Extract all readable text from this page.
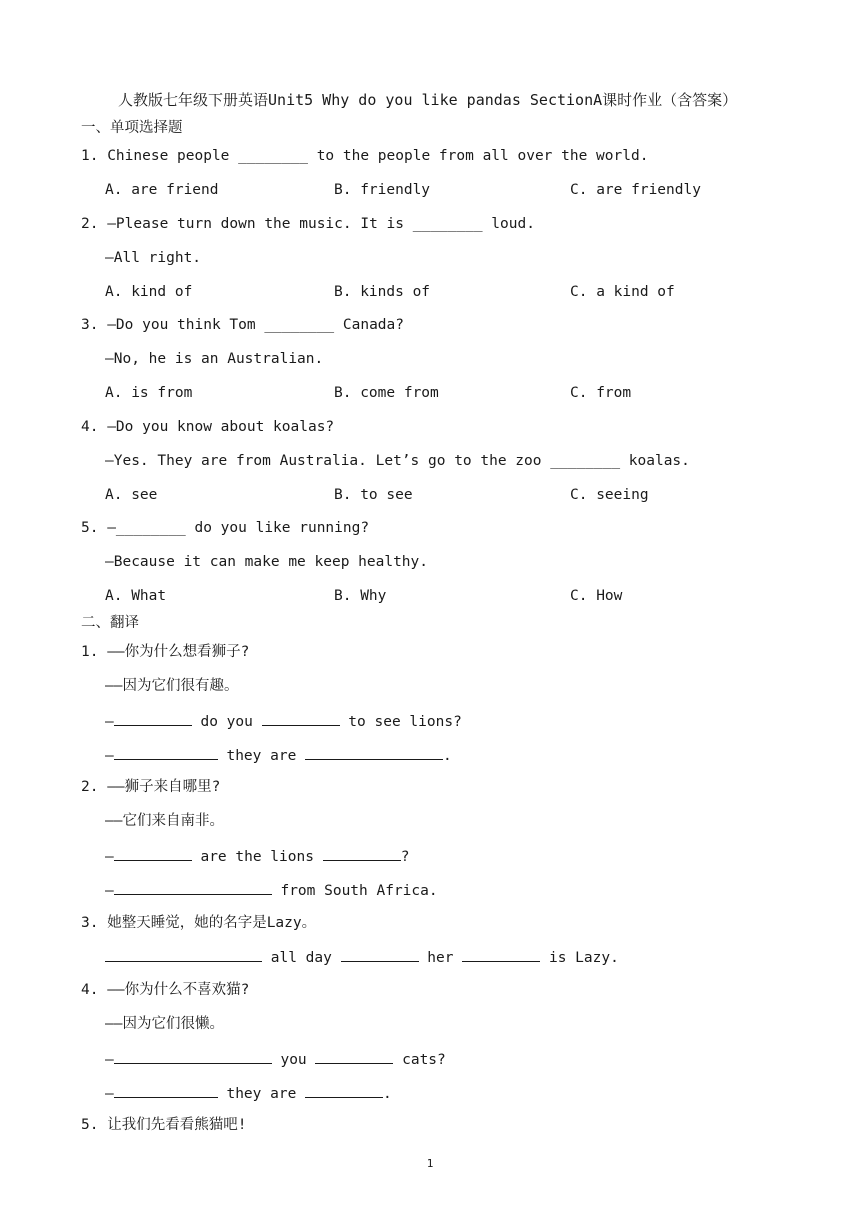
人教版七年级下册英语Unit5 Why do you like pandas SectionA课时作业（含答案）
一、单项选择题
1. Chinese people ________ to the people from all over the world.
A. are friend	B. friendly	C. are friendly
2. —Please turn down the music. It is ________ loud.
—All right.
A. kind of	B. kinds of	C. a kind of
3. —Do you think Tom ________ Canada?
—No, he is an Australian.
A. is from	B. come from	C. from
4. —Do you know about koalas?
—Yes. They are from Australia. Let’s go to the zoo ________ koalas.
A. see	B. to see	C. seeing
5. —________ do you like running?
—Because it can make me keep healthy.
A. What	B. Why	C. How
二、翻译
1. ——你为什么想看狮子?
——因为它们很有趣。
—	do you	to see lions?
—	they are	.
2. ——狮子来自哪里?
——它们来自南非。
—	are the lions	?
—	from South Africa.
3. 她整天睡觉，她的名字是Lazy。
all day	her	is Lazy.
4. ——你为什么不喜欢猫?
——因为它们很懒。
—	you	cats?
—	they are	.
5. 让我们先看看熊猫吧!
1
